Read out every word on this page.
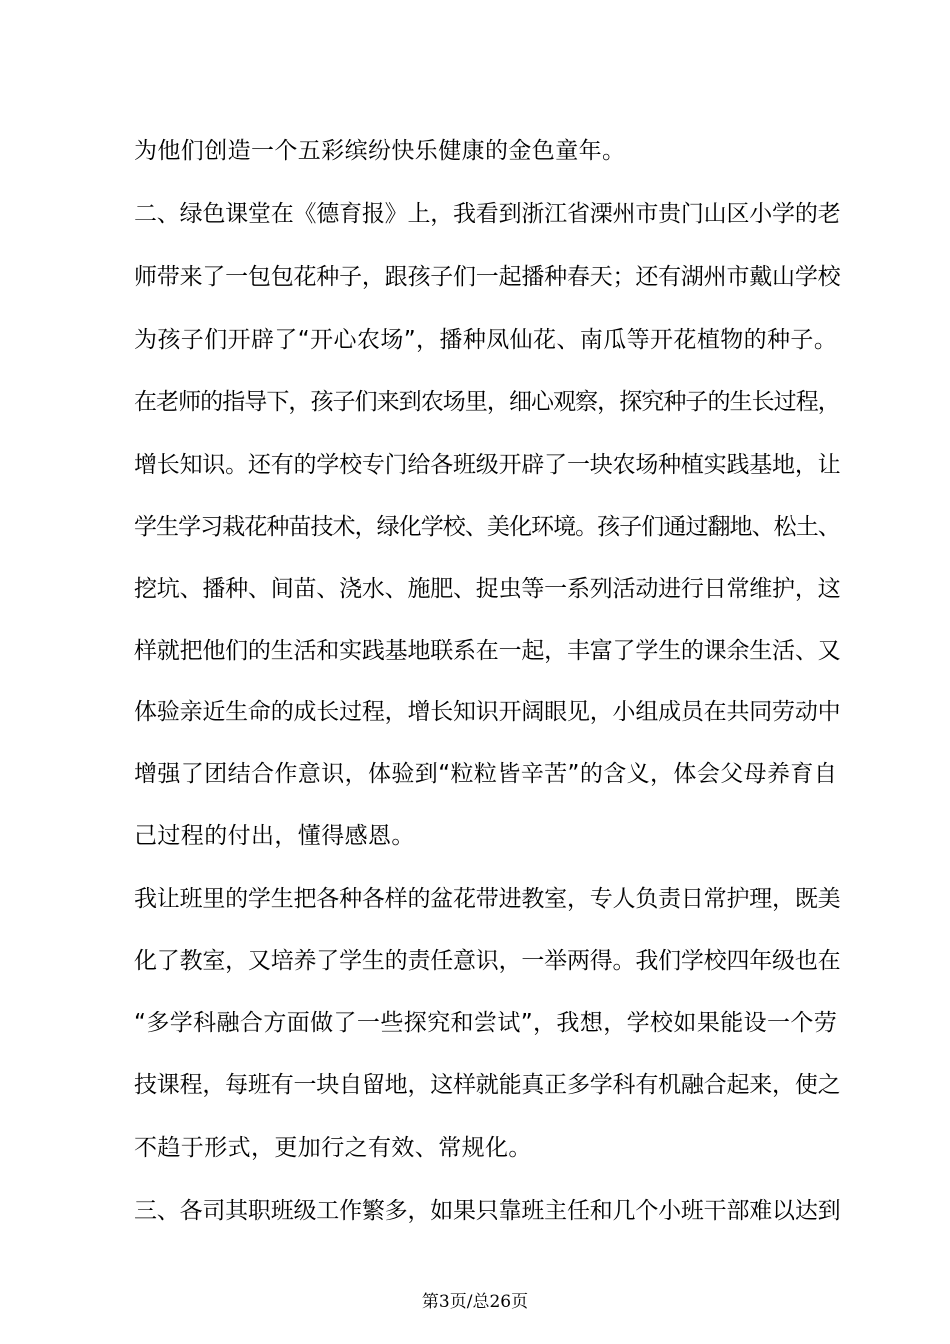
为他们创造一个五彩缤纷快乐健康的金色童年。
二、绿色课堂在《德育报》上，我看到浙江省溧州市贵门山区小学的老
师带来了一包包花种子，跟孩子们一起播种春天；还有湖州市戴山学校
为孩子们开辟了“开心农场”，播种凤仙花、南瓜等开花植物的种子。
在老师的指导下，孩子们来到农场里，细心观察，探究种子的生长过程，
增长知识。还有的学校专门给各班级开辟了一块农场种植实践基地，让
学生学习栽花种苗技术，绿化学校、美化环境。孩子们通过翻地、松土、
挖坑、播种、间苗、浇水、施肥、捉虫等一系列活动进行日常维护，这
样就把他们的生活和实践基地联系在一起，丰富了学生的课余生活、又
体验亲近生命的成长过程，增长知识开阔眼见，小组成员在共同劳动中
增强了团结合作意识，体验到“粒粒皆辛苦”的含义，体会父母养育自
己过程的付出，懂得感恩。
我让班里的学生把各种各样的盆花带进教室，专人负责日常护理，既美
化了教室，又培养了学生的责任意识，一举两得。我们学校四年级也在
“多学科融合方面做了一些探究和尝试”，我想，学校如果能设一个劳
技课程，每班有一块自留地，这样就能真正多学科有机融合起来，使之
不趋于形式，更加行之有效、常规化。
三、各司其职班级工作繁多，如果只靠班主任和几个小班干部难以达到
第3页/总26页
